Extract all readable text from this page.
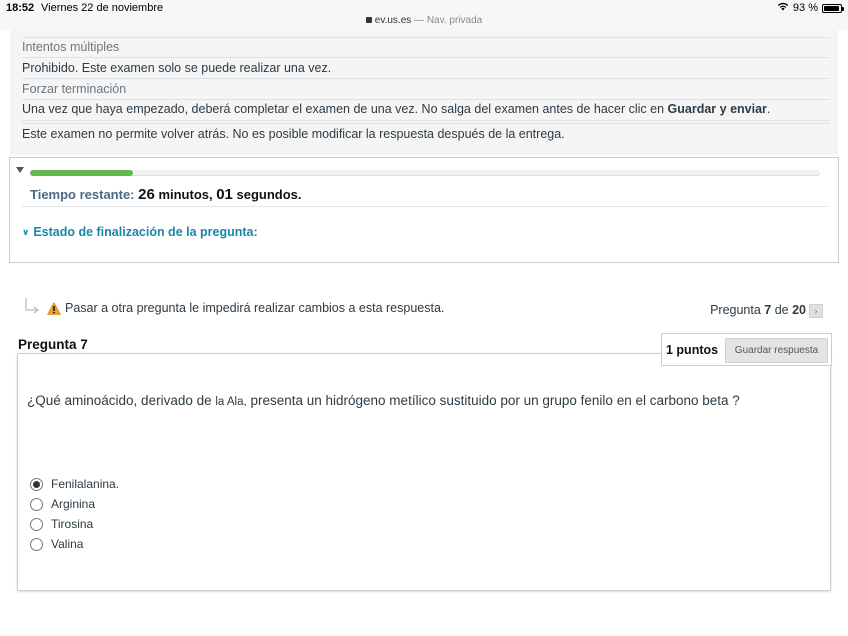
18:52 Viernes 22 de noviembre	93 %
ev.us.es — Nav. privada
Intentos múltiples
Prohibido. Este examen solo se puede realizar una vez.
Forzar terminación
Una vez que haya empezado, deberá completar el examen de una vez. No salga del examen antes de hacer clic en Guardar y enviar.
Este examen no permite volver atrás. No es posible modificar la respuesta después de la entrega.
Tiempo restante: 26 minutos, 01 segundos.
∨ Estado de finalización de la pregunta:
Pasar a otra pregunta le impedirá realizar cambios a esta respuesta.	Pregunta 7 de 20 ›
Pregunta 7	1 puntos	Guardar respuesta
¿Qué aminoácido, derivado de la Ala, presenta un hidrógeno metílico sustituido por un grupo fenilo en el carbono beta ?
Fenilalanina.
Arginina
Tirosina
Valina
